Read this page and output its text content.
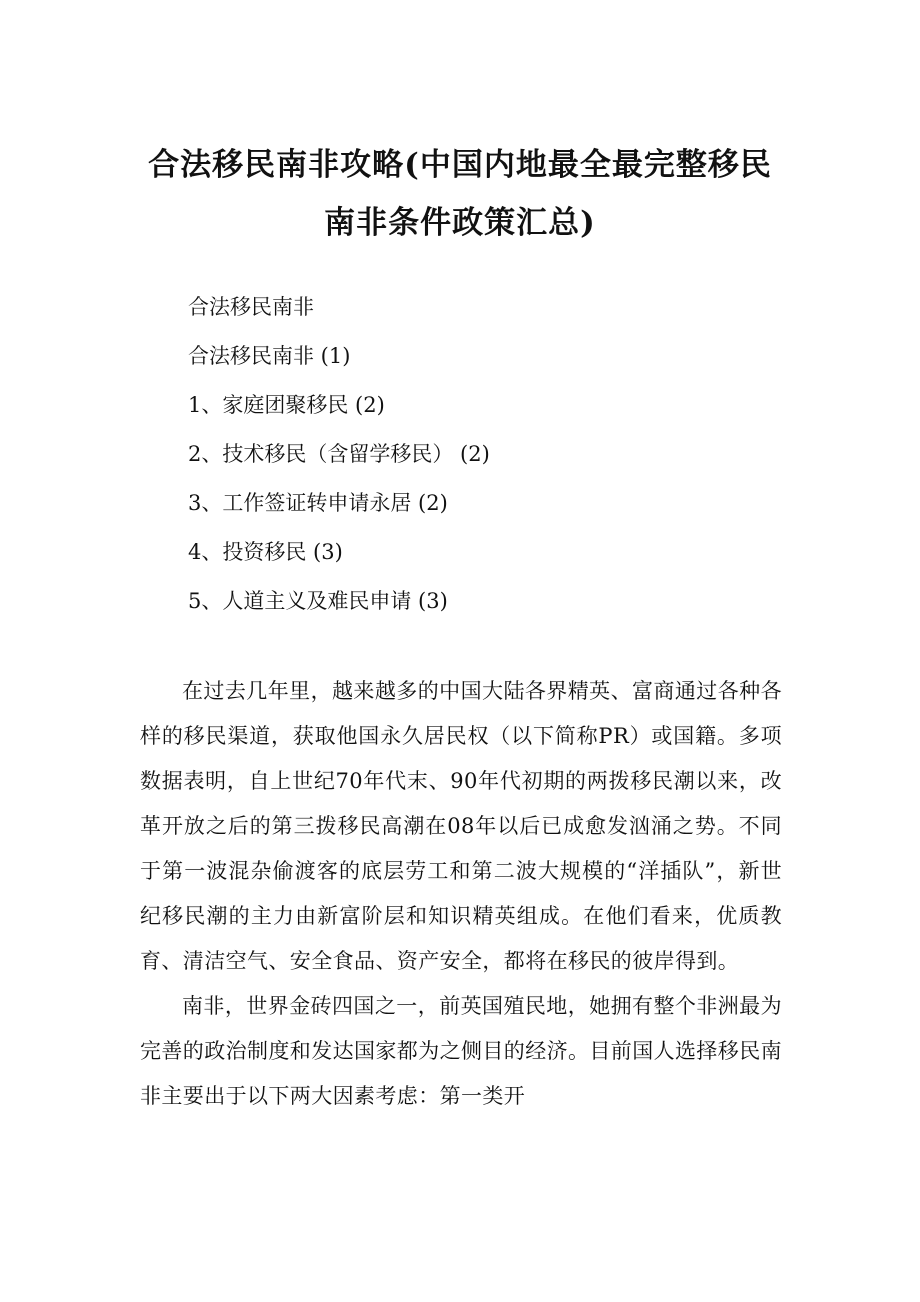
合法移民南非攻略(中国内地最全最完整移民南非条件政策汇总)
合法移民南非
合法移民南非 (1)
1、家庭团聚移民 (2)
2、技术移民（含留学移民） (2)
3、工作签证转申请永居 (2)
4、投资移民 (3)
5、人道主义及难民申请 (3)

在过去几年里，越来越多的中国大陆各界精英、富商通过各种各样的移民渠道，获取他国永久居民权（以下简称PR）或国籍。多项数据表明，自上世纪70年代末、90年代初期的两拨移民潮以来，改革开放之后的第三拨移民高潮在08年以后已成愈发汹涌之势。不同于第一波混杂偷渡客的底层劳工和第二波大规模的“洋插队”，新世纪移民潮的主力由新富阶层和知识精英组成。在他们看来，优质教育、清洁空气、安全食品、资产安全，都将在移民的彼岸得到。

南非，世界金砖四国之一，前英国殖民地，她拥有整个非洲最为完善的政治制度和发达国家都为之侧目的经济。目前国人选择移民南非主要出于以下两大因素考虑：第一类开
